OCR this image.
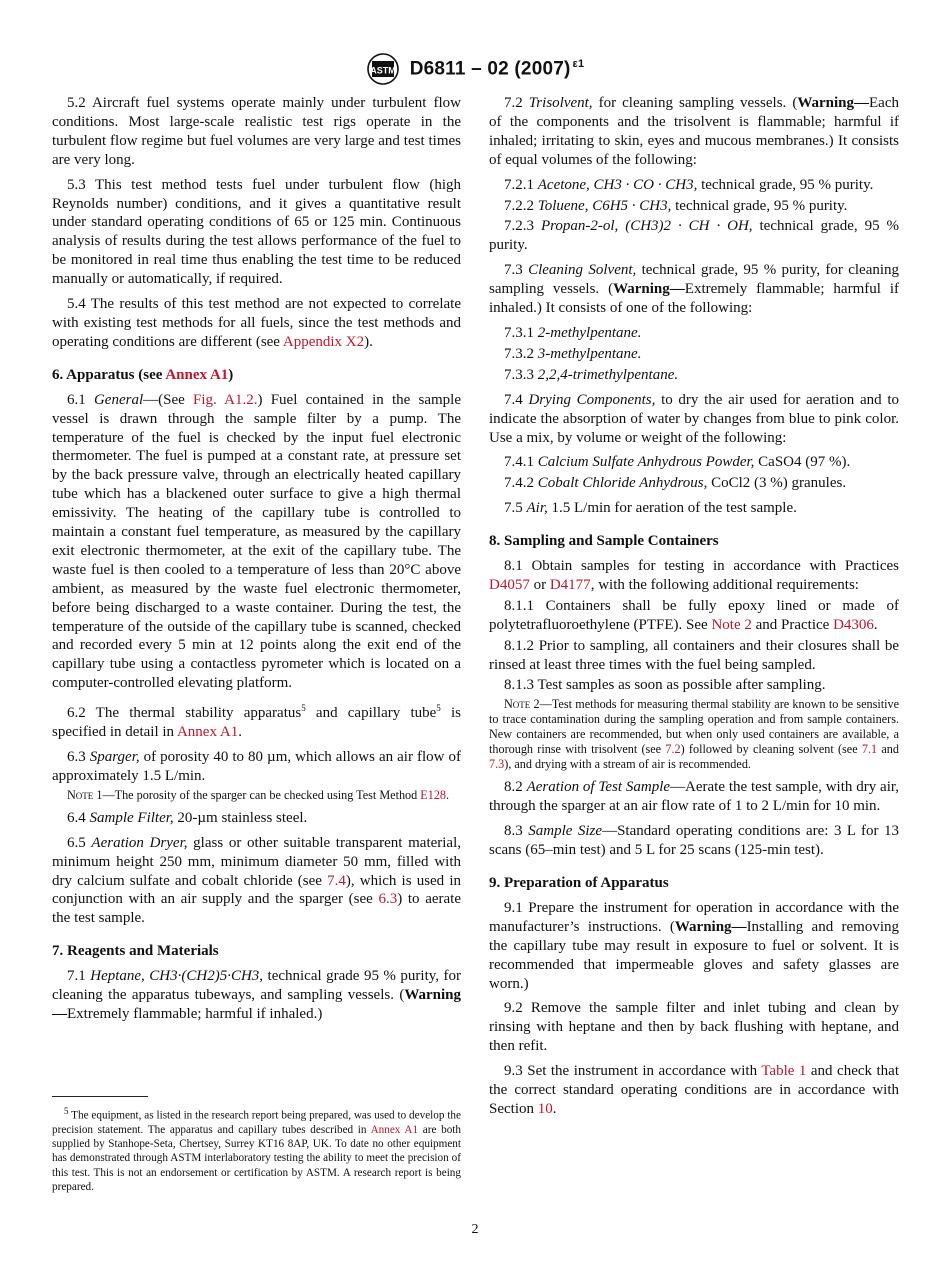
ASTM D6811 – 02 (2007) $^{\varepsilon 1}$

5.2 Aircraft fuel systems operate mainly under turbulent flow conditions. Most large-scale realistic test rigs operate in the turbulent flow regime but fuel volumes are very large and test times are very long.

5.3 This test method tests fuel under turbulent flow (high Reynolds number) conditions, and it gives a quantitative result under standard operating conditions of 65 or 125 min. Continuous analysis of results during the test allows performance of the fuel to be monitored in real time thus enabling the test time to be reduced manually or automatically, if required.

5.4 The results of this test method are not expected to correlate with existing test methods for all fuels, since the test methods and operating conditions are different (see Appendix X2).

6. Apparatus (see Annex A1)

6.1 General—(See Fig. A1.2.) Fuel contained in the sample vessel is drawn through the sample filter by a pump. The temperature of the fuel is checked by the input fuel electronic thermometer. The fuel is pumped at a constant rate, at pressure set by the back pressure valve, through an electrically heated capillary tube which has a blackened outer surface to give a high thermal emissivity. The heating of the capillary tube is controlled to maintain a constant fuel temperature, as measured by the capillary exit electronic thermometer, at the exit of the capillary tube. The waste fuel is then cooled to a temperature of less than 20°C above ambient, as measured by the waste fuel electronic thermometer, before being discharged to a waste container. During the test, the temperature of the outside of the capillary tube is scanned, checked and recorded every 5 min at 12 points along the exit end of the capillary tube using a contactless pyrometer which is located on a computer-controlled elevating platform.

6.2 The thermal stability apparatus$^5$ and capillary tube$^5$ is specified in detail in Annex A1.

6.3 Sparger, of porosity 40 to 80 µm, which allows an air flow of approximately 1.5 L/min.

Note 1—The porosity of the sparger can be checked using Test Method E128.

6.4 Sample Filter, 20-µm stainless steel.

6.5 Aeration Dryer, glass or other suitable transparent material, minimum height 250 mm, minimum diameter 50 mm, filled with dry calcium sulfate and cobalt chloride (see 7.4), which is used in conjunction with an air supply and the sparger (see 6.3) to aerate the test sample.

7. Reagents and Materials

7.1 Heptane, CH3·(CH2)5·CH3, technical grade 95 % purity, for cleaning the apparatus tubeways, and sampling vessels. (Warning—Extremely flammable; harmful if inhaled.)

$^5$ The equipment, as listed in the research report being prepared, was used to develop the precision statement. The apparatus and capillary tubes described in Annex A1 are both supplied by Stanhope-Seta, Chertsey, Surrey KT16 8AP, UK. To date no other equipment has demonstrated through ASTM interlaboratory testing the ability to meet the precision of this test. This is not an endorsement or certification by ASTM. A research report is being prepared.

7.2 Trisolvent, for cleaning sampling vessels. (Warning—Each of the components and the trisolvent is flammable; harmful if inhaled; irritating to skin, eyes and mucous membranes.) It consists of equal volumes of the following:

7.2.1 Acetone, CH3 · CO · CH3, technical grade, 95 % purity.

7.2.2 Toluene, C6H5 · CH3, technical grade, 95 % purity.

7.2.3 Propan-2-ol, (CH3)2 · CH · OH, technical grade, 95 % purity.

7.3 Cleaning Solvent, technical grade, 95 % purity, for cleaning sampling vessels. (Warning—Extremely flammable; harmful if inhaled.) It consists of one of the following:

7.3.1 2-methylpentane.

7.3.2 3-methylpentane.

7.3.3 2,2,4-trimethylpentane.

7.4 Drying Components, to dry the air used for aeration and to indicate the absorption of water by changes from blue to pink color. Use a mix, by volume or weight of the following:

7.4.1 Calcium Sulfate Anhydrous Powder, CaSO4 (97 %).

7.4.2 Cobalt Chloride Anhydrous, CoCl2 (3 %) granules.

7.5 Air, 1.5 L/min for aeration of the test sample.

8. Sampling and Sample Containers

8.1 Obtain samples for testing in accordance with Practices D4057 or D4177, with the following additional requirements:

8.1.1 Containers shall be fully epoxy lined or made of polytetrafluoroethylene (PTFE). See Note 2 and Practice D4306.

8.1.2 Prior to sampling, all containers and their closures shall be rinsed at least three times with the fuel being sampled.

8.1.3 Test samples as soon as possible after sampling.

Note 2—Test methods for measuring thermal stability are known to be sensitive to trace contamination during the sampling operation and from sample containers. New containers are recommended, but when only used containers are available, a thorough rinse with trisolvent (see 7.2) followed by cleaning solvent (see 7.1 and 7.3), and drying with a stream of air is recommended.

8.2 Aeration of Test Sample—Aerate the test sample, with dry air, through the sparger at an air flow rate of 1 to 2 L/min for 10 min.

8.3 Sample Size—Standard operating conditions are: 3 L for 13 scans (65–min test) and 5 L for 25 scans (125-min test).

9. Preparation of Apparatus

9.1 Prepare the instrument for operation in accordance with the manufacturer’s instructions. (Warning—Installing and removing the capillary tube may result in exposure to fuel or solvent. It is recommended that impermeable gloves and safety glasses are worn.)

9.2 Remove the sample filter and inlet tubing and clean by rinsing with heptane and then by back flushing with heptane, and then refit.

9.3 Set the instrument in accordance with Table 1 and check that the correct standard operating conditions are in accordance with Section 10.

2
